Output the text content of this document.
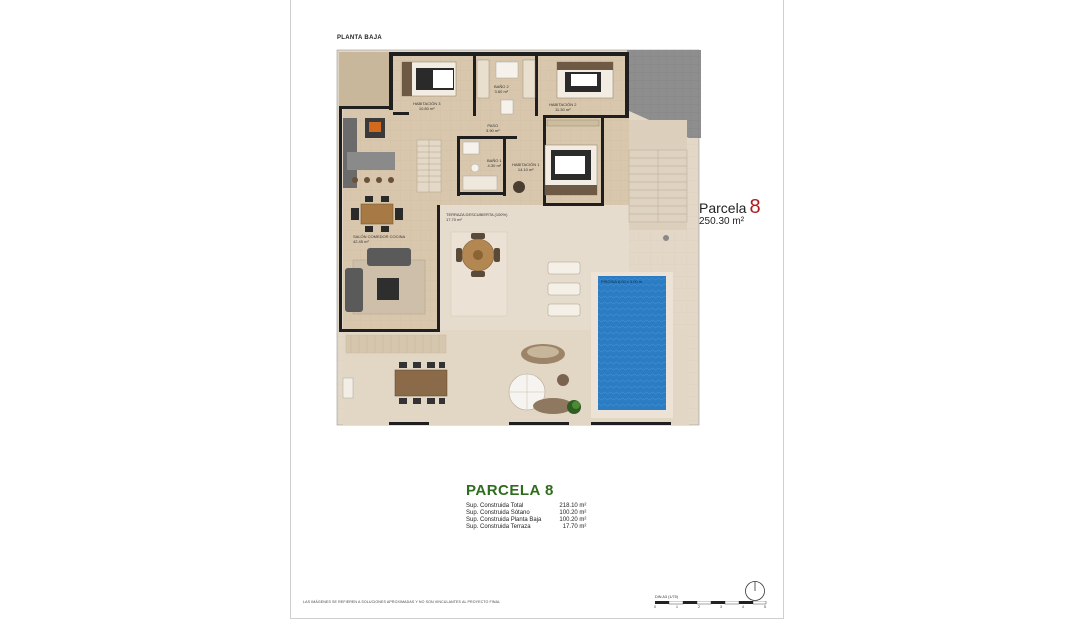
PLANTA BAJA
HABITACIÓN 3
10.80 m²
BAÑO 2
3.60 m²
HABITACIÓN 2
11.30 m²
PASO
3.90 m²
BAÑO 1
4.30 m²	HABITACIÓN 1
14.10 m²
TERRAZA DESCUBIERTA (100%)
17.70 m²
SALÓN COMEDOR COCINA
42.45 m²
PISCINA 8.00 x 3.00 m
Parcela 8
250.30 m²
PARCELA 8
Sup. Construida Total	218.10 m²
Sup. Construida Sótano	100.20 m²
Sup. Construida Planta Baja	100.20 m²
Sup. Construida Terraza	17.70 m²
DIN A3 (1/75)
0	1	2	3	4	5
LAS IMÁGENES SE REFIEREN A SOLUCIONES APROXIMADAS Y NO SON VINCULANTES AL PROYECTO FINAL
